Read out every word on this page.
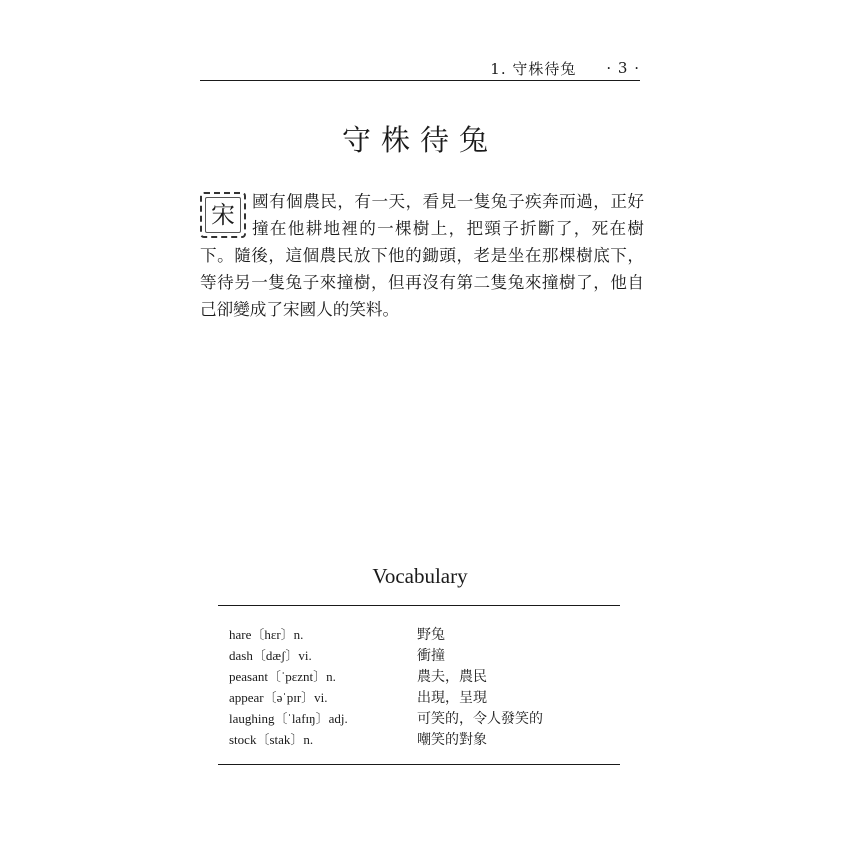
1. 守株待兔 · 3 ·
守株待兔
宋	國有個農民，有一天，看見一隻兔子疾奔而過，正好撞在他耕地裡的一棵樹上，把頸子折斷了，死在樹下。隨後，這個農民放下他的鋤頭，老是坐在那棵樹底下，等待另一隻兔子來撞樹，但再沒有第二隻兔來撞樹了，他自己卻變成了宋國人的笑料。

Vocabulary
hare〔hɛr〕n.	野兔
dash〔dæʃ〕vi.	衝撞
peasant〔ˈpɛznt〕n.	農夫，農民
appear〔əˈpɪr〕vi.	出現，呈現
laughing〔ˈlafɪŋ〕adj.	可笑的，令人發笑的
stock〔stak〕n.	嘲笑的對象
